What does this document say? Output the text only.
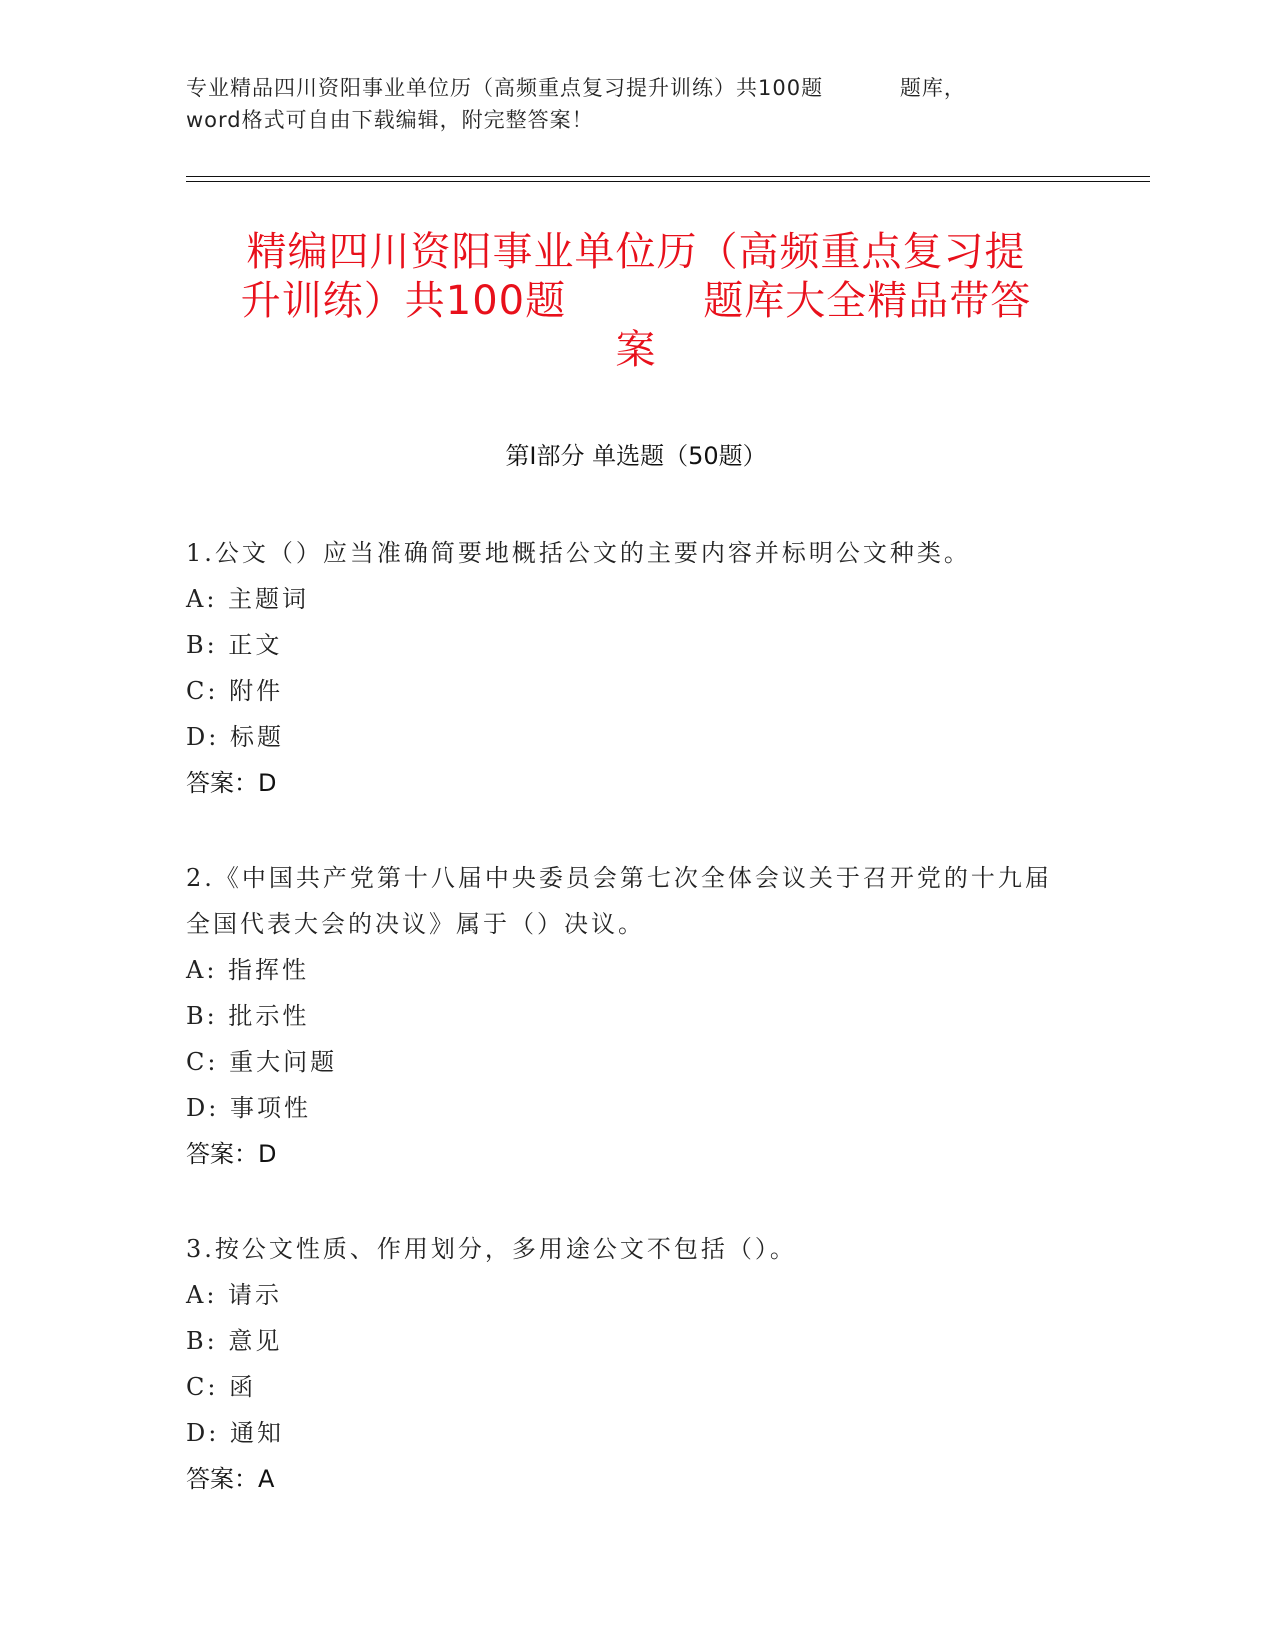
专业精品四川资阳事业单位历（高频重点复习提升训练）共100题          题库，
word格式可自由下载编辑，附完整答案！
精编四川资阳事业单位历（高频重点复习提
升训练）共100题          题库大全精品带答
案
第Ⅰ部分 单选题（50题）

1.公文（）应当准确简要地概括公文的主要内容并标明公文种类。

A: 主题词

B: 正文

C: 附件

D: 标题

答案：D

2.《中国共产党第十八届中央委员会第七次全体会议关于召开党的十九届全国代表大会的决议》属于（）决议。

A: 指挥性

B: 批示性

C: 重大问题

D: 事项性

答案：D

3.按公文性质、作用划分，多用途公文不包括（）。

A: 请示

B: 意见

C: 函

D: 通知

答案：A
